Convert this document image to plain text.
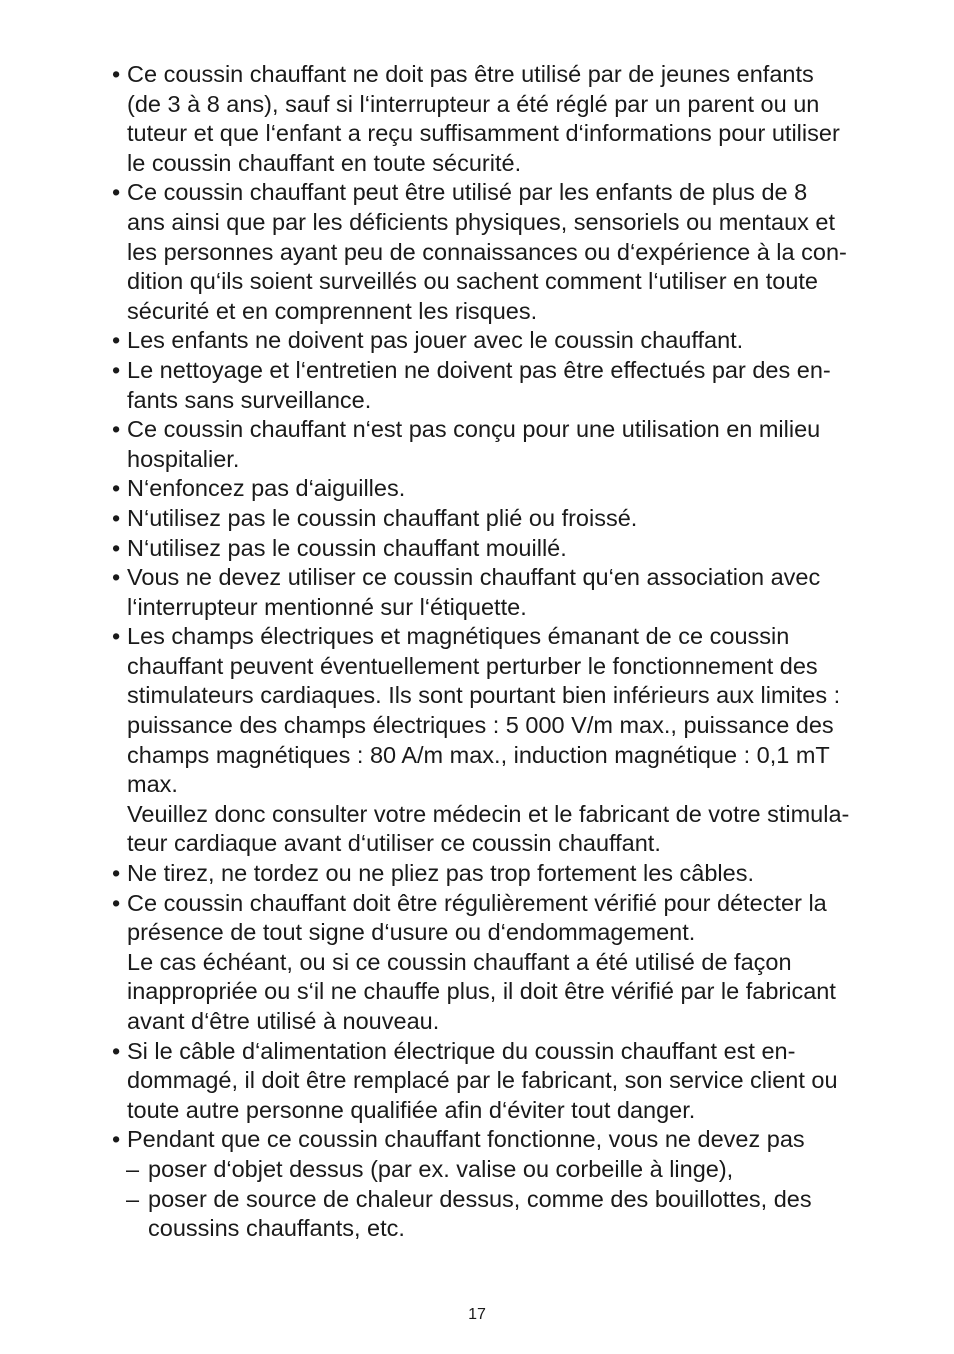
• Ce coussin chauffant ne doit pas être utilisé par de jeunes enfants
(de 3 à 8 ans), sauf si l‘interrupteur a été réglé par un parent ou un
tuteur et que l‘enfant a reçu suffisamment d‘informations pour utiliser
le coussin chauffant en toute sécurité.
• Ce coussin chauffant peut être utilisé par les enfants de plus de 8
ans ainsi que par les déficients physiques, sensoriels ou mentaux et
les personnes ayant peu de connaissances ou d‘expérience à la con-
dition qu‘ils soient surveillés ou sachent comment l‘utiliser en toute
sécurité et en comprennent les risques.
• Les enfants ne doivent pas jouer avec le coussin chauffant.
• Le nettoyage et l‘entretien ne doivent pas être effectués par des en-
fants sans surveillance.
• Ce coussin chauffant n‘est pas conçu pour une utilisation en milieu
hospitalier.
• N‘enfoncez pas d‘aiguilles.
• N‘utilisez pas le coussin chauffant plié ou froissé.
• N‘utilisez pas le coussin chauffant mouillé.
• Vous ne devez utiliser ce coussin chauffant qu‘en association avec
l‘interrupteur mentionné sur l‘étiquette.
• Les champs électriques et magnétiques émanant de ce coussin
chauffant peuvent éventuellement perturber le fonctionnement des
stimulateurs cardiaques. Ils sont pourtant bien inférieurs aux limites :
puissance des champs électriques : 5 000 V/m max., puissance des
champs magnétiques : 80 A/m max., induction magnétique : 0,1 mT
max.
Veuillez donc consulter votre médecin et le fabricant de votre stimula-
teur cardiaque avant d‘utiliser ce coussin chauffant.
• Ne tirez, ne tordez ou ne pliez pas trop fortement les câbles.
• Ce coussin chauffant doit être régulièrement vérifié pour détecter la
présence de tout signe d‘usure ou d‘endommagement.
Le cas échéant, ou si ce coussin chauffant a été utilisé de façon
inappropriée ou s‘il ne chauffe plus, il doit être vérifié par le fabricant
avant d‘être utilisé à nouveau.
• Si le câble d‘alimentation électrique du coussin chauffant est en-
dommagé, il doit être remplacé par le fabricant, son service client ou
toute autre personne qualifiée afin d‘éviter tout danger.
• Pendant que ce coussin chauffant fonctionne, vous ne devez pas
– poser d‘objet dessus (par ex. valise ou corbeille à linge),
– poser de source de chaleur dessus, comme des bouillottes, des
coussins chauffants, etc.
17
